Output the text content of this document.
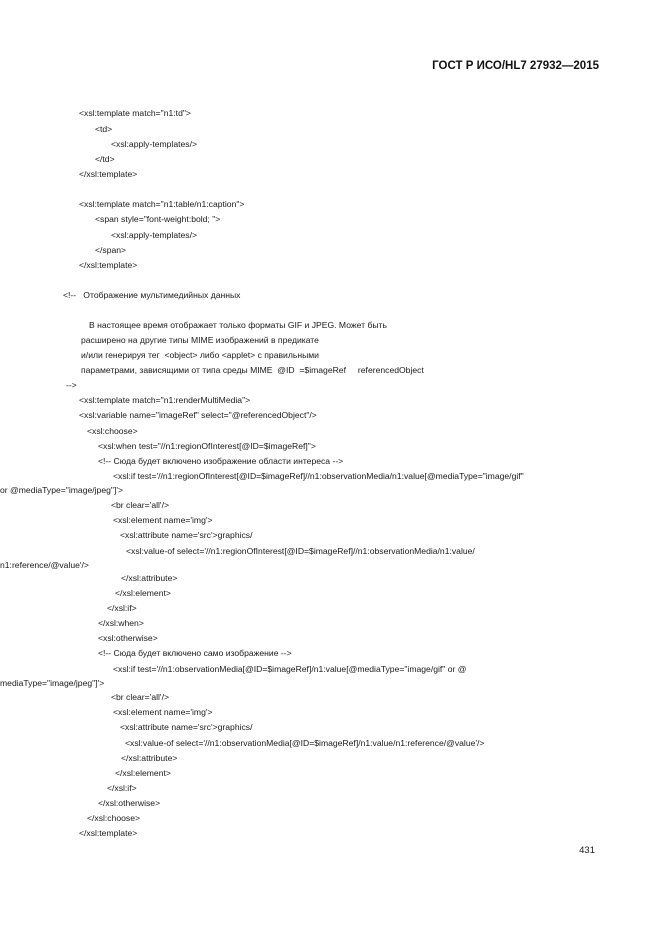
ГОСТ Р ИСО/HL7 27932—2015
<xsl:template match="n1:td">
<td>
<xsl:apply-templates/>
</td>
</xsl:template>
<xsl:template match="n1:table/n1:caption">
<span style="font-weight:bold; ">
<xsl:apply-templates/>
</span>
</xsl:template>
<!--   Отображение мультимедийных данных
В настоящее время отображает только форматы GIF и JPEG. Может быть
расширено на другие типы MIME изображений в предикате
и/или генерируя тег  <object> либо <applet> с правильными
параметрами, зависящими от типа среды MIME  @ID  =$imageRef     referencedObject
-->
<xsl:template match="n1:renderMultiMedia">
<xsl:variable name="imageRef" select="@referencedObject"/>
<xsl:choose>
<xsl:when test="//n1:regionOfInterest[@ID=$imageRef]">
<!-- Сюда будет включено изображение области интереса -->
<xsl:if test='//n1:regionOfInterest[@ID=$imageRef]//n1:observationMedia/n1:value[@mediaType="image/gif"
or @mediaType="image/jpeg"]'>
<br clear='all'/>
<xsl:element name='img'>
<xsl:attribute name='src'>graphics/
<xsl:value-of select='//n1:regionOfInterest[@ID=$imageRef]//n1:observationMedia/n1:value/
n1:reference/@value'/>
</xsl:attribute>
</xsl:element>
</xsl:if>
</xsl:when>
<xsl:otherwise>
<!-- Сюда будет включено само изображение -->
<xsl:if test='//n1:observationMedia[@ID=$imageRef]/n1:value[@mediaType="image/gif" or @
mediaType="image/jpeg"]'>
<br clear='all'/>
<xsl:element name='img'>
<xsl:attribute name='src'>graphics/
<xsl:value-of select='//n1:observationMedia[@ID=$imageRef]/n1:value/n1:reference/@value'/>
</xsl:attribute>
</xsl:element>
</xsl:if>
</xsl:otherwise>
</xsl:choose>
</xsl:template>
431
